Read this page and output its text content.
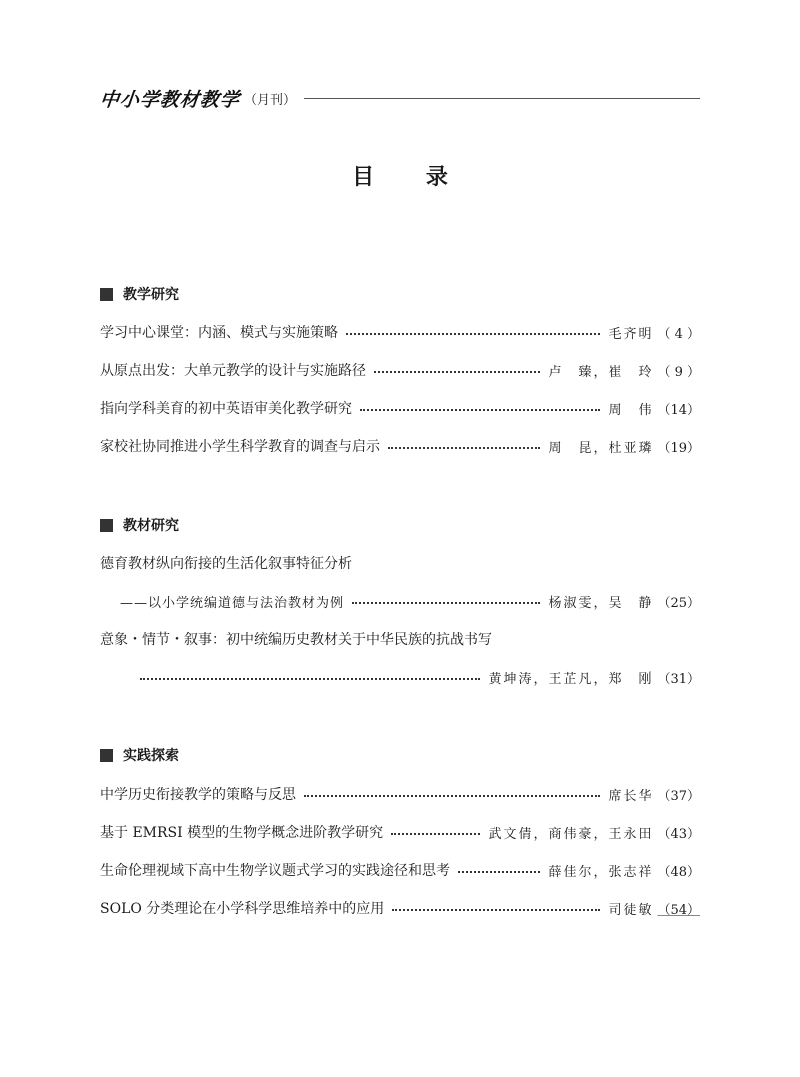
中小学教材教学 （月刊）
目 录
教学研究
学习中心课堂：内涵、模式与实施策略	毛齐明 （ 4 ）
从原点出发：大单元教学的设计与实施路径	卢　臻，崔　玲 （ 9 ）
指向学科美育的初中英语审美化教学研究	周　伟 （14）
家校社协同推进小学生科学教育的调查与启示	周　昆，杜亚璘 （19）
教材研究
德育教材纵向衔接的生活化叙事特征分析
——以小学统编道德与法治教材为例	杨淑雯，吴　静 （25）
意象・情节・叙事：初中统编历史教材关于中华民族的抗战书写
黄坤涛，王芷凡，郑　刚 （31）
实践探索
中学历史衔接教学的策略与反思	席长华 （37）
基于 EMRSI 模型的生物学概念进阶教学研究	武文倩，商伟豪，王永田 （43）
生命伦理视域下高中生物学议题式学习的实践途径和思考	薛佳尔，张志祥 （48）
SOLO 分类理论在小学科学思维培养中的应用	司徒敏 （54）
